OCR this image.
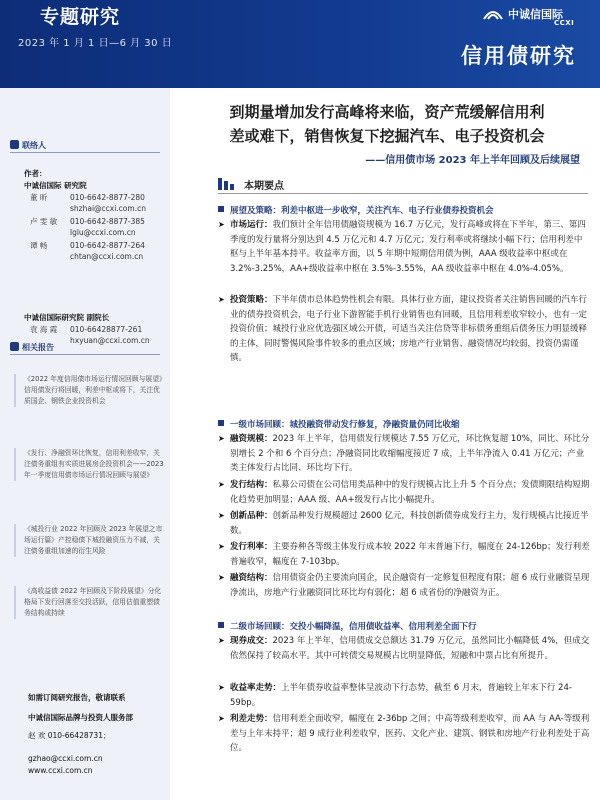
专题研究
2023 年 1 月 1 日—6 月 30 日
中诚信国际
CCXI
信用债研究
联络人
作者：
中诚信国际 研究院
董 昕	010-6642-8877-280
shzhai@ccxi.com.cn
卢 雯 敏 010-6642-8877-385
lglu@ccxi.com.cn
谭 畅	010-6642-8877-264
chtan@ccxi.com.cn
中诚信国际研究院 副院长
袁 海 霞 010-66428877-261
hxyuan@ccxi.com.cn
相关报告
《2022 年度信用债市场运行情况回顾与展望》信用债发行将回暖，利差中枢或将下，关注优质国企、钢铁企业投资机会
《发行、净融资环比恢复，信用利差收窄，关注债务重组有实质进展房企投资机会——2023 年一季度信用债市场运行情况回顾与展望》
《城投行业 2022 年回顾及 2023 年展望之市场运行篇》产控稳债下城投融资压力不减，关注债务重组加速的衍生风险
《高收益债 2022 年回顾及下阶段展望》分化格局下发行回落至交投活跃，信用估值重塑债务结构或持续
如需订阅研究报告，敬请联系
中诚信国际品牌与投资人服务部
赵 欢 010-66428731；
gzhao@ccxi.com.cn
www.ccxi.com.cn
到期量增加发行高峰将来临，资产荒缓解信用利
差或难下，销售恢复下挖掘汽车、电子投资机会
——信用债市场 2023 年上半年回顾及后续展望
本期要点
展望及策略：利差中枢进一步收窄，关注汽车、电子行业债券投资机会
➤ 市场运行：我们预计全年信用债融资规模为 16.7 万亿元，发行高峰或将在下半年，第三、第四季度的发行量将分别达到 4.5 万亿元和 4.7 万亿元；发行利率或将继续小幅下行；信用利差中枢与上半年基本持平。收益率方面，以 5 年期中短期信用债为例，AAA 级收益率中枢或在 3.2%-3.25%，AA+级收益率中枢在 3.5%-3.55%，AA 级收益率中枢在 4.0%-4.05%。
➤ 投资策略：下半年债市总体趋势性机会有限。具体行业方面，建议投资者关注销售回暖的汽车行业的债券投资机会，电子行业下游智能手机行业销售也有回暖，且信用利差收窄较小，也有一定投资价值；城投行业应优选强区域公开债，可适当关注信贷等非标债务重组后债务压力明显缓释的主体，同时警惕风险事件较多的重点区域；房地产行业销售、融资情况均较弱，投资仍需谨慎。
一级市场回顾：城投融资带动发行修复，净融资量仍同比收缩
➤ 融资规模：2023 年上半年，信用债发行规模达 7.55 万亿元，环比恢复超 10%，同比、环比分别增长 2 个和 6 个百分点；净融资同比收缩幅度接近 7 成，上半年净流入 0.41 万亿元；产业类主体发行占比同、环比均下行。
➤ 发行结构：私募公司债在公司信用类品种中的发行规模占比上升 5 个百分点；发债期限结构短期化趋势更加明显；AAA 级、AA+级发行占比小幅提升。
➤ 创新品种：创新品种发行规模超过 2600 亿元，科技创新债券成发行主力，发行规模占比接近半数。
➤ 发行利率：主要券种各等级主体发行成本较 2022 年末普遍下行，幅度在 24-126bp；发行利差普遍收窄，幅度在 7-103bp。
➤ 融资结构：信用债资金仍主要流向国企，民企融资有一定修复但程度有限；超 6 成行业融资呈现净流出，房地产行业融资同比环比均有弱化；超 6 成省份的净融资为正。
二级市场回顾：交投小幅降温，信用债收益率、信用利差全面下行
➤ 现券成交：2023 年上半年，信用债成交总额达 31.79 万亿元，虽然同比小幅降低 4%，但成交依然保持了较高水平。其中可转债交易规模占比明显降低，短融和中票占比有所提升。
➤ 收益率走势：上半年债券收益率整体呈波动下行态势，截至 6 月末，普遍较上年末下行 24-59bp。
➤ 利差走势：信用利差全面收窄，幅度在 2-36bp 之间；中高等级利差收窄，而 AA 与 AA-等级利差与上年末持平；超 9 成行业利差收窄，医药、文化产业、建筑、钢铁和房地产行业利差处于高位。
